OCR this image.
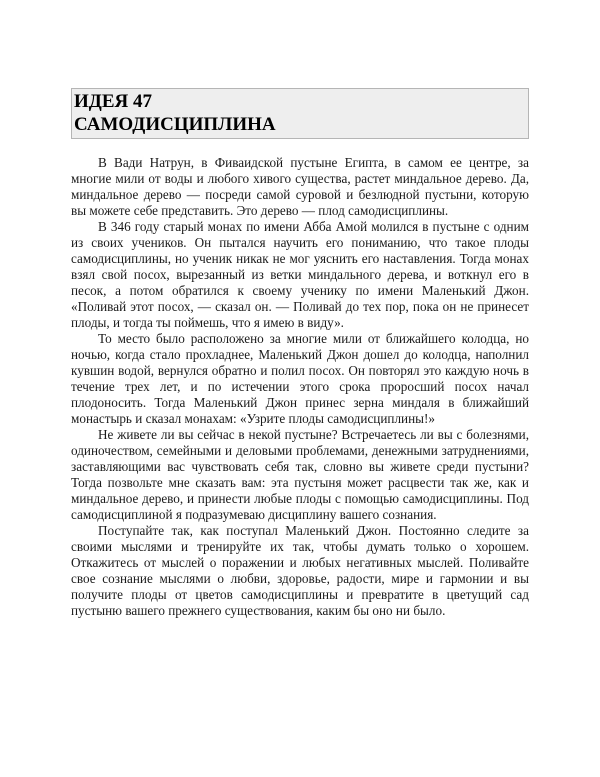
ИДЕЯ 47
САМОДИСЦИПЛИНА

В Вади Натрун, в Фиваидской пустыне Египта, в самом ее центре, за многие мили от воды и любого хивого существа, растет миндальное дерево. Да, миндальное дерево — посреди самой суровой и безлюдной пустыни, которую вы можете себе представить. Это дерево — плод самодисциплины.

В 346 году старый монах по имени Абба Амой молился в пустыне с одним из своих учеников. Он пытался научить его пониманию, что такое плоды самодисциплины, но ученик никак не мог уяснить его наставления. Тогда монах взял свой посох, вырезанный из ветки миндального дерева, и воткнул его в песок, а потом обратился к своему ученику по имени Маленький Джон. «Поливай этот посох, — сказал он. — Поливай до тех пор, пока он не принесет плоды, и тогда ты поймешь, что я имею в виду».

То место было расположено за многие мили от ближайшего колодца, но ночью, когда стало прохладнее, Маленький Джон дошел до колодца, наполнил кувшин водой, вернулся обратно и полил посох. Он повторял это каждую ночь в течение трех лет, и по истечении этого срока проросший посох начал плодоносить. Тогда Маленький Джон принес зерна миндаля в ближайший монастырь и сказал монахам: «Узрите плоды самодисциплины!»

Не живете ли вы сейчас в некой пустыне? Встречаетесь ли вы с болезнями, одиночеством, семейными и деловыми проблемами, денежными затруднениями, заставляющими вас чувствовать себя так, словно вы живете среди пустыни? Тогда позвольте мне сказать вам: эта пустыня может расцвести так же, как и миндальное дерево, и принести любые плоды с помощью самодисциплины. Под самодисциплиной я подразумеваю дисциплину вашего сознания.

Поступайте так, как поступал Маленький Джон. Постоянно следите за своими мыслями и тренируйте их так, чтобы думать только о хорошем. Откажитесь от мыслей о поражении и любых негативных мыслей. Поливайте свое сознание мыслями о любви, здоровье, радости, мире и гармонии и вы получите плоды от цветов самодисциплины и превратите в цветущий сад пустыню вашего прежнего существования, каким бы оно ни было.
